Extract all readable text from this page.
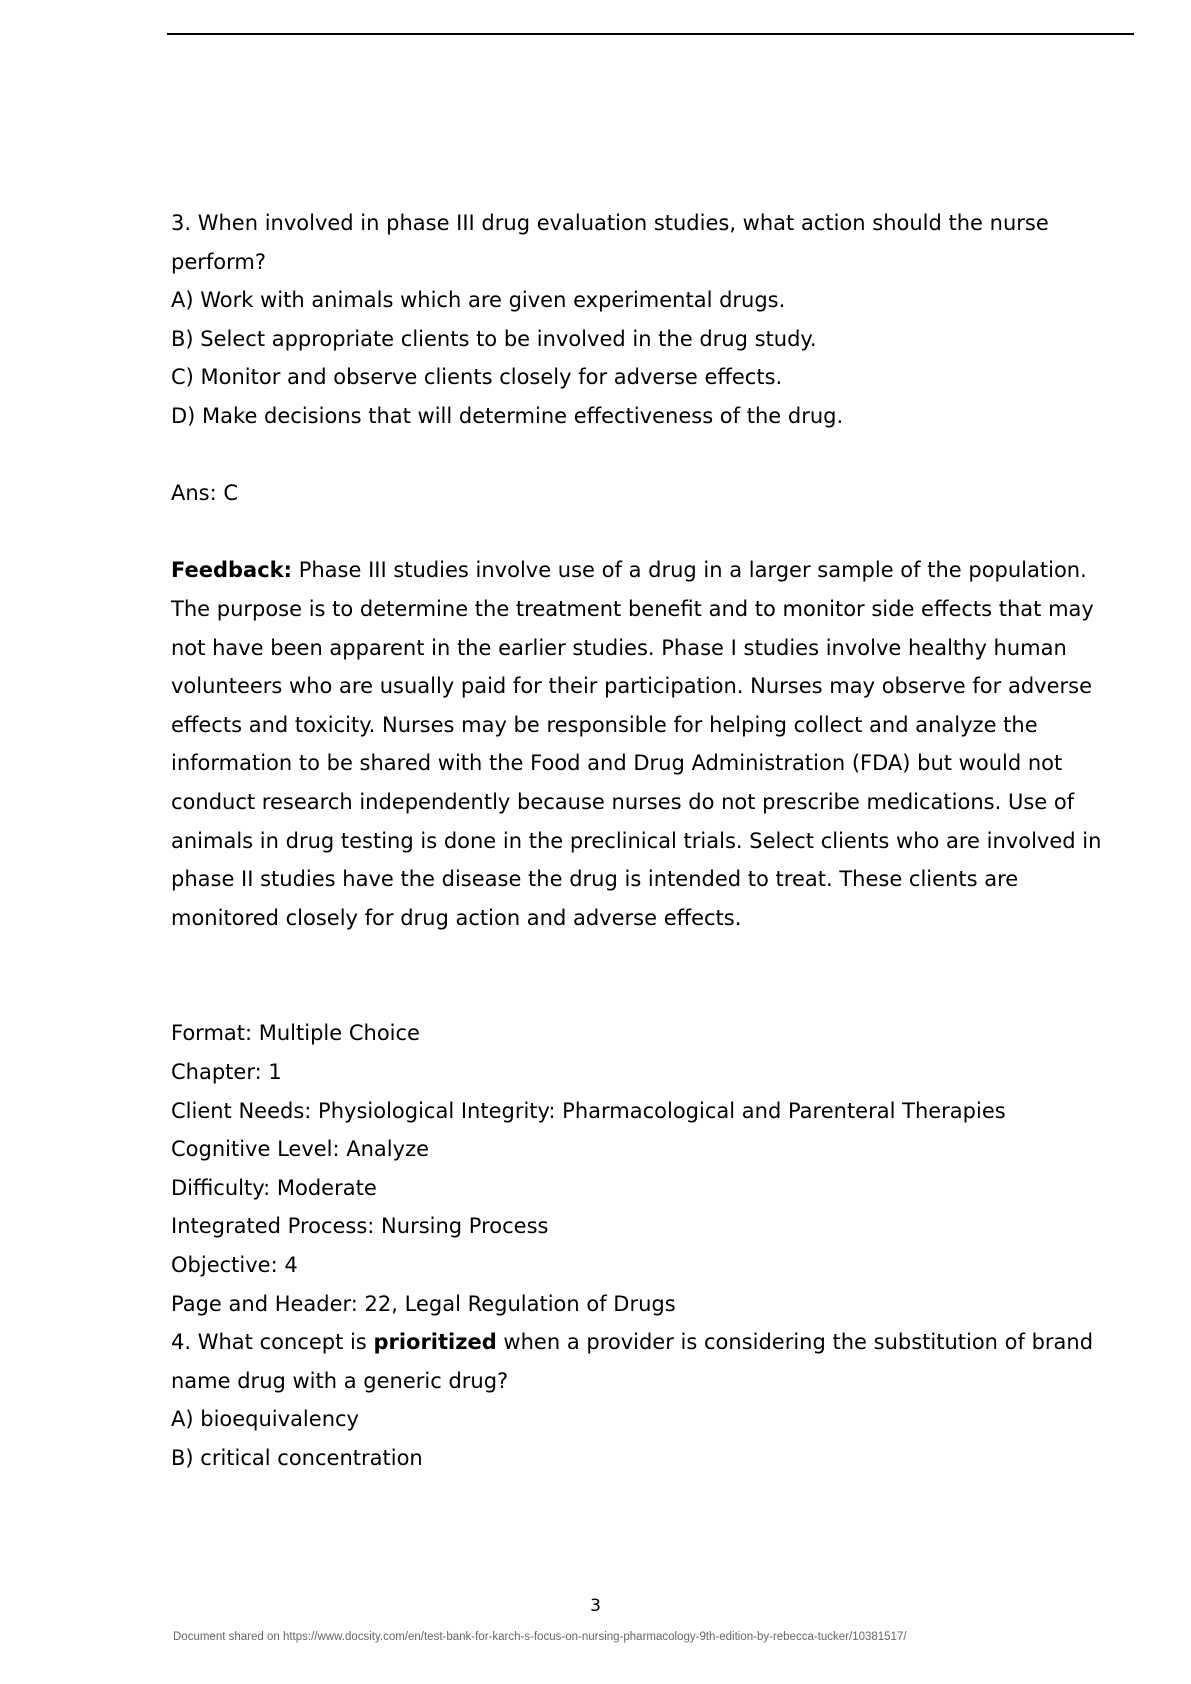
3. When involved in phase III drug evaluation studies, what action should the nurse perform?

A) Work with animals which are given experimental drugs.

B) Select appropriate clients to be involved in the drug study.

C) Monitor and observe clients closely for adverse effects.

D) Make decisions that will determine effectiveness of the drug.

Ans: C

Feedback: Phase III studies involve use of a drug in a larger sample of the population. The purpose is to determine the treatment benefit and to monitor side effects that may not have been apparent in the earlier studies. Phase I studies involve healthy human volunteers who are usually paid for their participation. Nurses may observe for adverse effects and toxicity. Nurses may be responsible for helping collect and analyze the information to be shared with the Food and Drug Administration (FDA) but would not conduct research independently because nurses do not prescribe medications. Use of animals in drug testing is done in the preclinical trials. Select clients who are involved in phase II studies have the disease the drug is intended to treat. These clients are monitored closely for drug action and adverse effects.

Format: Multiple Choice

Chapter: 1

Client Needs: Physiological Integrity: Pharmacological and Parenteral Therapies

Cognitive Level: Analyze

Difficulty: Moderate

Integrated Process: Nursing Process

Objective: 4

Page and Header: 22, Legal Regulation of Drugs

4. What concept is prioritized when a provider is considering the substitution of brand name drug with a generic drug?

A) bioequivalency

B) critical concentration

3
Document shared on https://www.docsity.com/en/test-bank-for-karch-s-focus-on-nursing-pharmacology-9th-edition-by-rebecca-tucker/10381517/
